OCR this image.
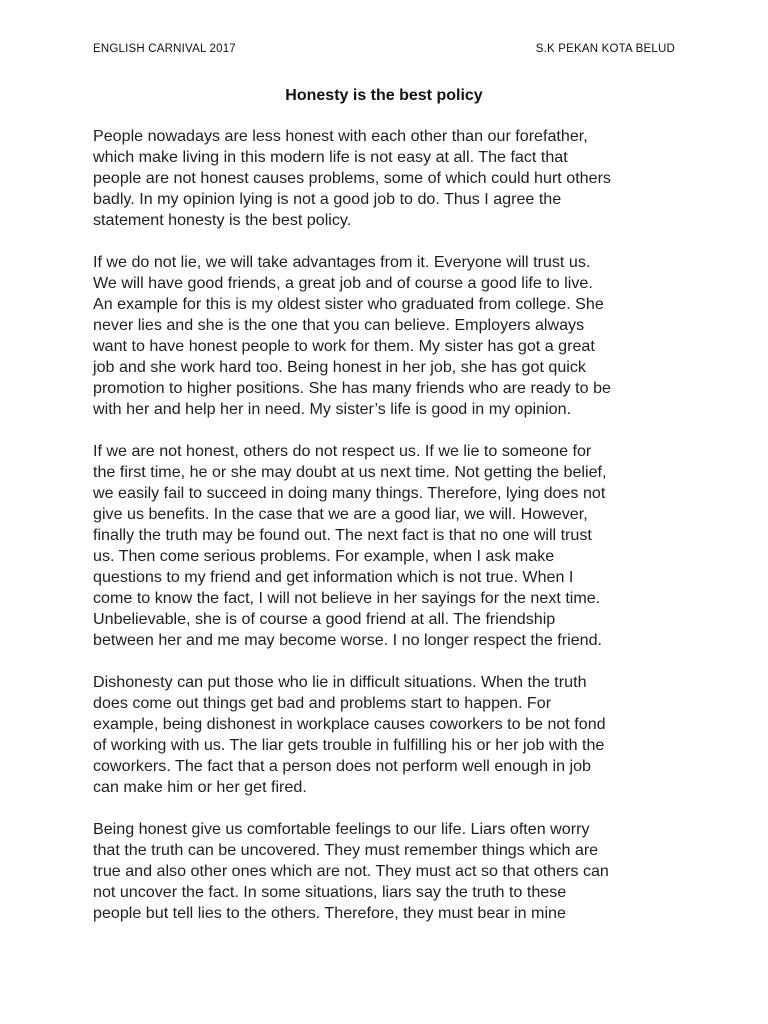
ENGLISH CARNIVAL 2017	S.K PEKAN KOTA BELUD
Honesty is the best policy
People nowadays are less honest with each other than our forefather,
which make living in this modern life is not easy at all. The fact that
people are not honest causes problems, some of which could hurt others
badly. In my opinion lying is not a good job to do. Thus I agree the
statement honesty is the best policy.
If we do not lie, we will take advantages from it. Everyone will trust us.
We will have good friends, a great job and of course a good life to live.
An example for this is my oldest sister who graduated from college. She
never lies and she is the one that you can believe. Employers always
want to have honest people to work for them. My sister has got a great
job and she work hard too. Being honest in her job, she has got quick
promotion to higher positions. She has many friends who are ready to be
with her and help her in need. My sister’s life is good in my opinion.
If we are not honest, others do not respect us. If we lie to someone for
the first time, he or she may doubt at us next time. Not getting the belief,
we easily fail to succeed in doing many things. Therefore, lying does not
give us benefits. In the case that we are a good liar, we will. However,
finally the truth may be found out. The next fact is that no one will trust
us. Then come serious problems. For example, when I ask make
questions to my friend and get information which is not true. When I
come to know the fact, I will not believe in her sayings for the next time.
Unbelievable, she is of course a good friend at all. The friendship
between her and me may become worse. I no longer respect the friend.
Dishonesty can put those who lie in difficult situations. When the truth
does come out things get bad and problems start to happen. For
example, being dishonest in workplace causes coworkers to be not fond
of working with us. The liar gets trouble in fulfilling his or her job with the
coworkers. The fact that a person does not perform well enough in job
can make him or her get fired.
Being honest give us comfortable feelings to our life. Liars often worry
that the truth can be uncovered. They must remember things which are
true and also other ones which are not. They must act so that others can
not uncover the fact. In some situations, liars say the truth to these
people but tell lies to the others. Therefore, they must bear in mine
